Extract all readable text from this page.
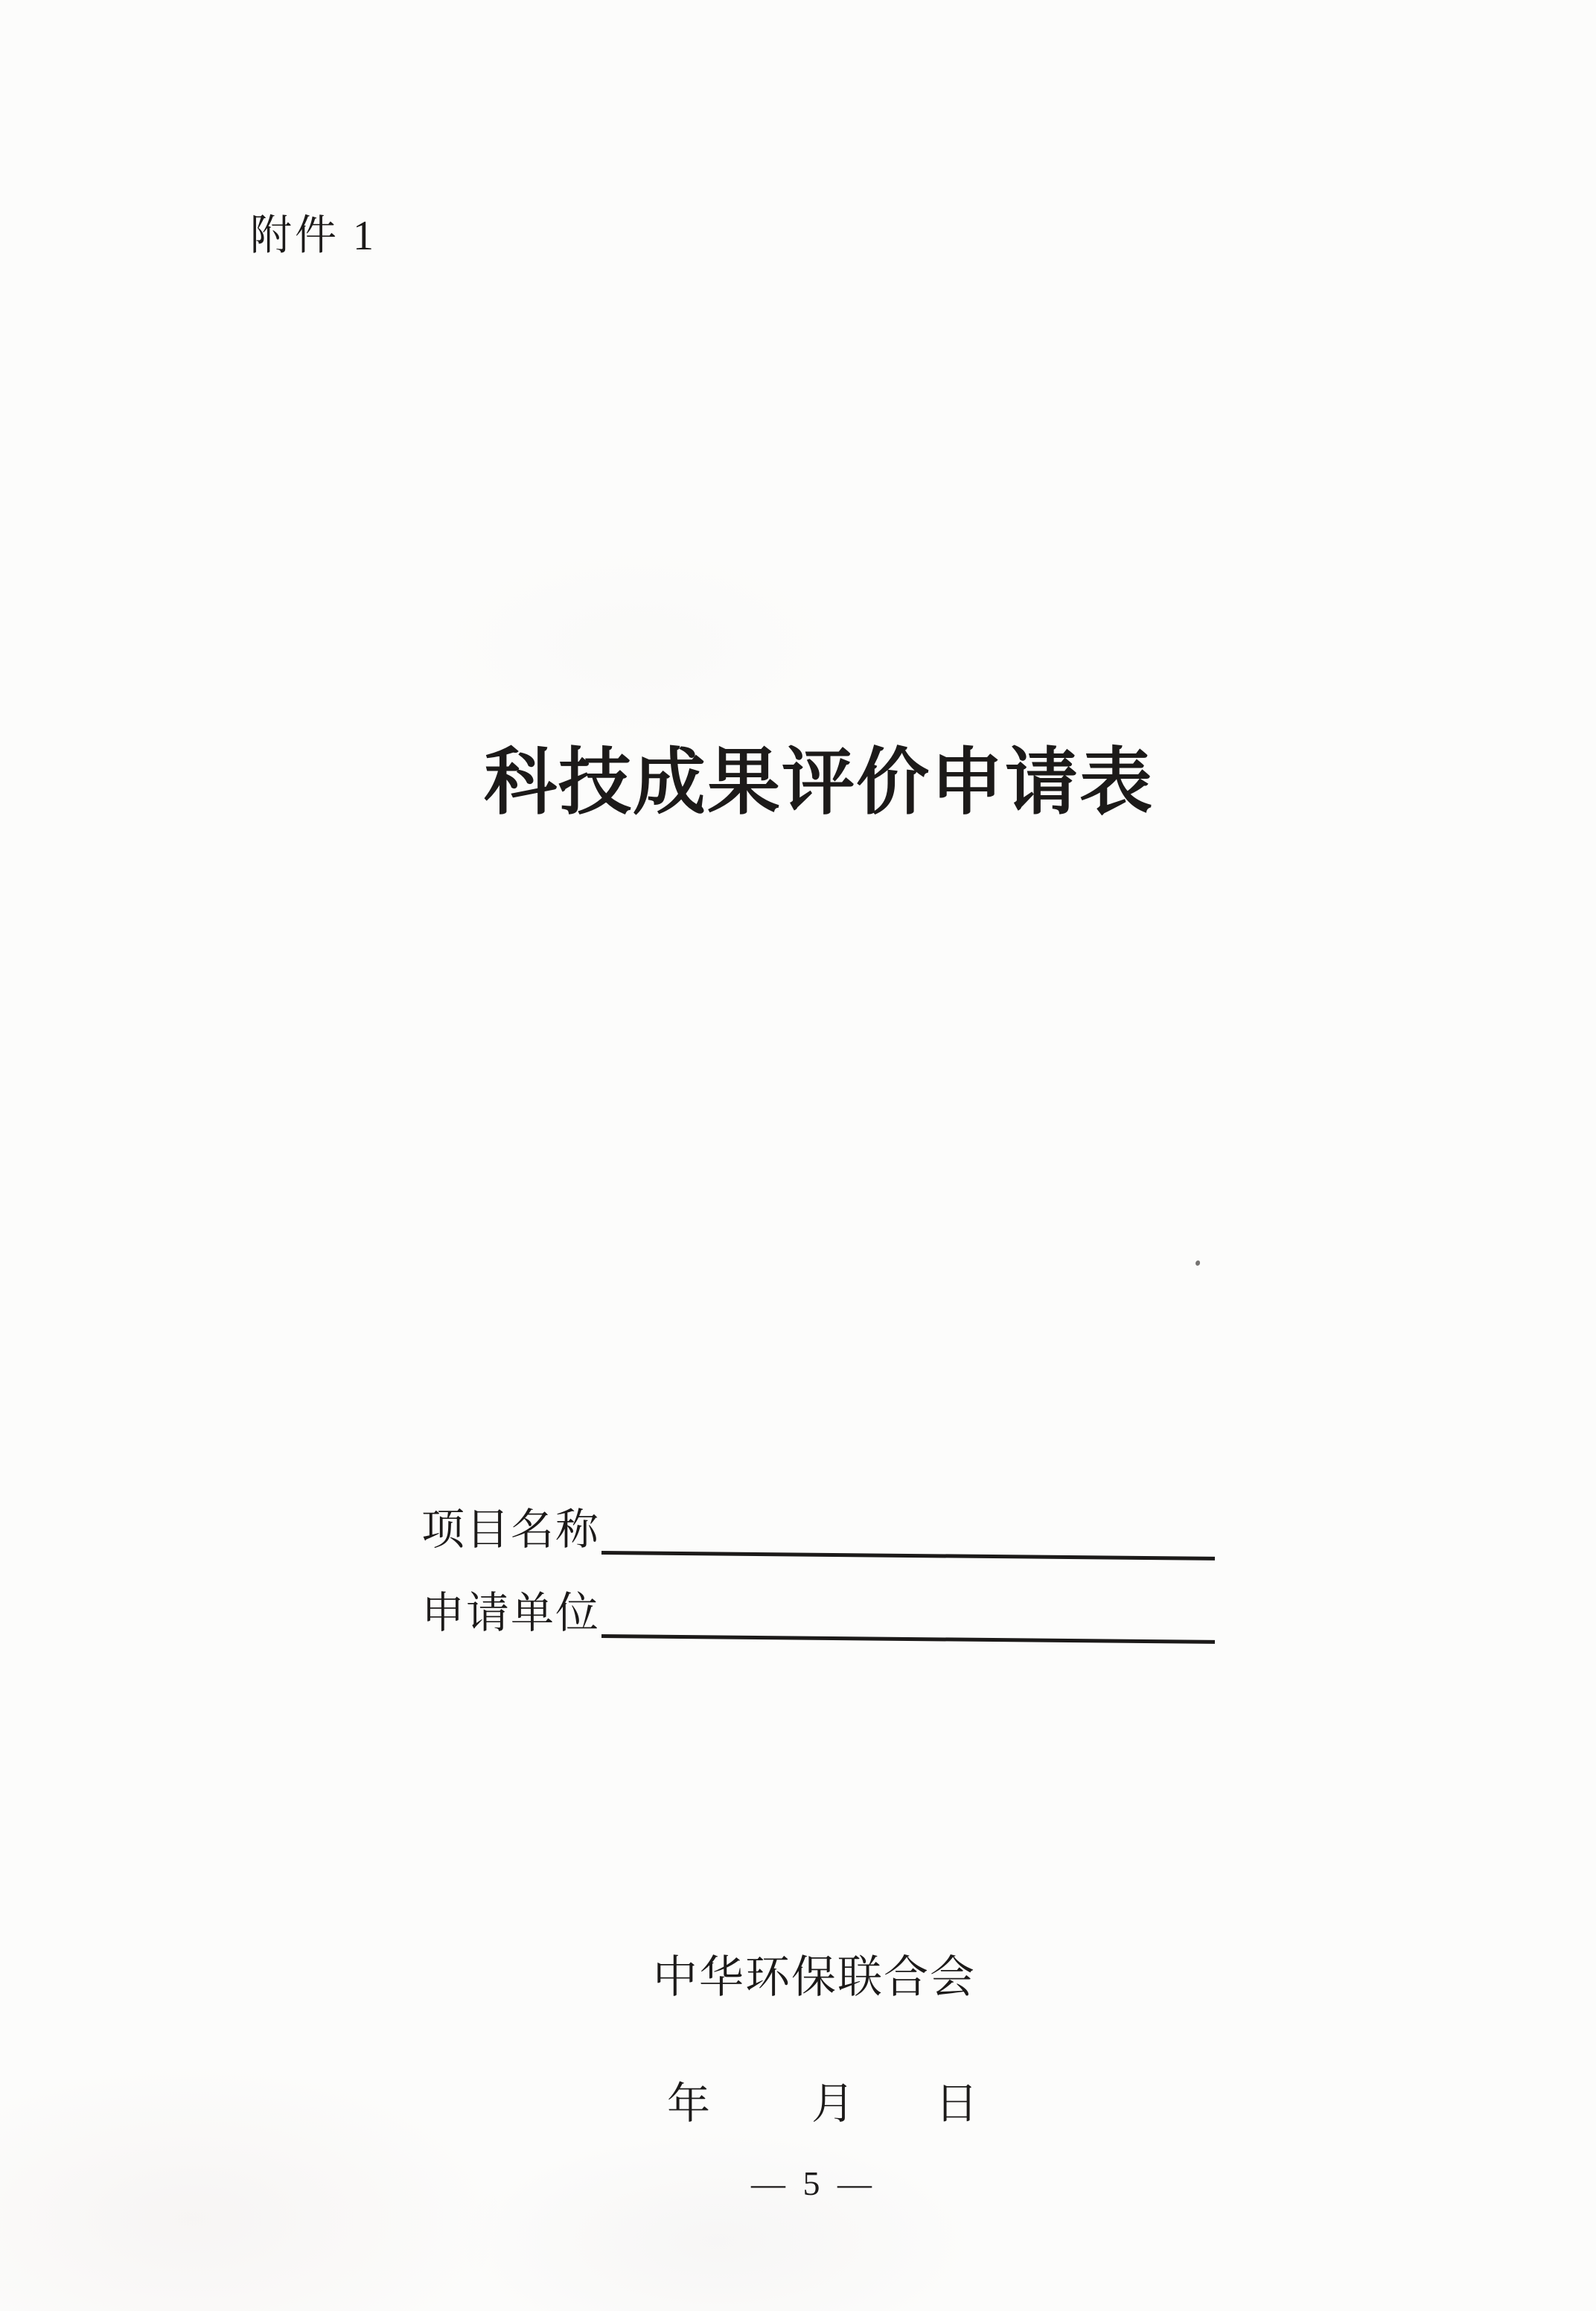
附件 1
科技成果评价申请表
项目名称
申请单位
中华环保联合会
年 月 日
— 5 —
